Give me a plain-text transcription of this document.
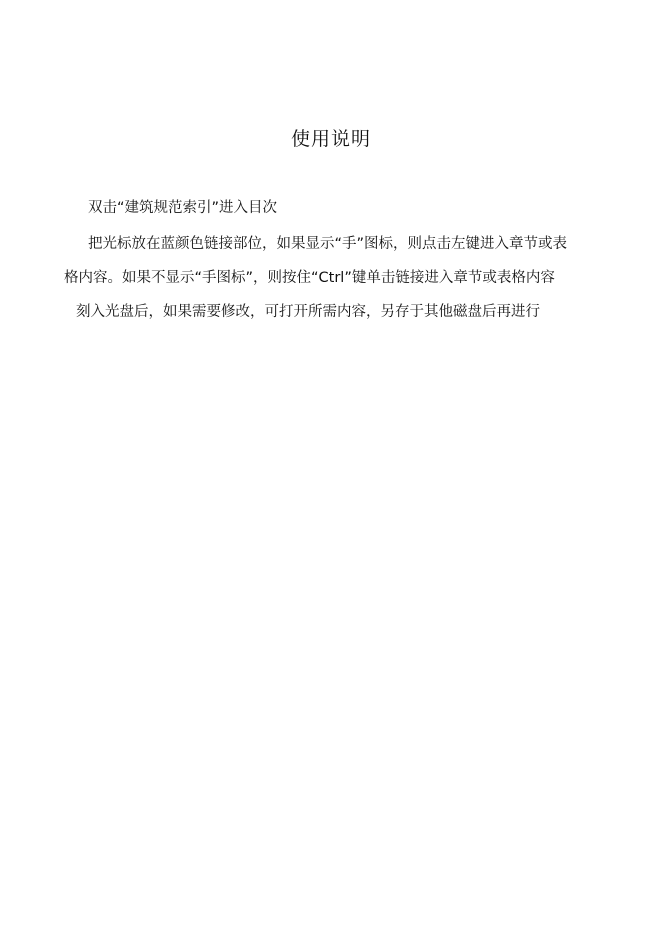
使用说明

双击“建筑规范索引”进入目次

把光标放在蓝颜色链接部位，如果显示“手”图标，则点击左键进入章节或表

格内容。如果不显示“手图标”，则按住“Ctrl”键单击链接进入章节或表格内容

刻入光盘后，如果需要修改，可打开所需内容，另存于其他磁盘后再进行
